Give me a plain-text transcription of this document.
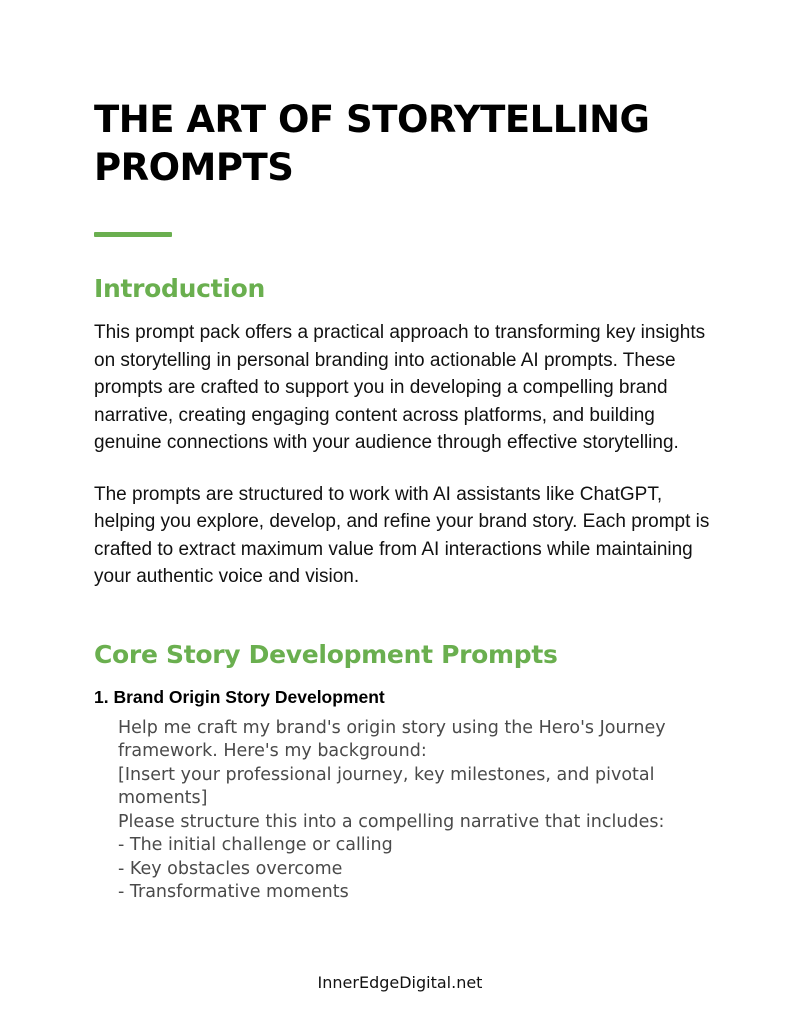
THE ART OF STORYTELLING
PROMPTS
Introduction

This prompt pack offers a practical approach to transforming key insights on storytelling in personal branding into actionable AI prompts. These prompts are crafted to support you in developing a compelling brand narrative, creating engaging content across platforms, and building genuine connections with your audience through effective storytelling.

The prompts are structured to work with AI assistants like ChatGPT, helping you explore, develop, and refine your brand story. Each prompt is crafted to extract maximum value from AI interactions while maintaining your authentic voice and vision.

Core Story Development Prompts

1. Brand Origin Story Development

Help me craft my brand's origin story using the Hero's Journey framework. Here's my background:
[Insert your professional journey, key milestones, and pivotal moments]
Please structure this into a compelling narrative that includes:
- The initial challenge or calling
- Key obstacles overcome
- Transformative moments
InnerEdgeDigital.net
